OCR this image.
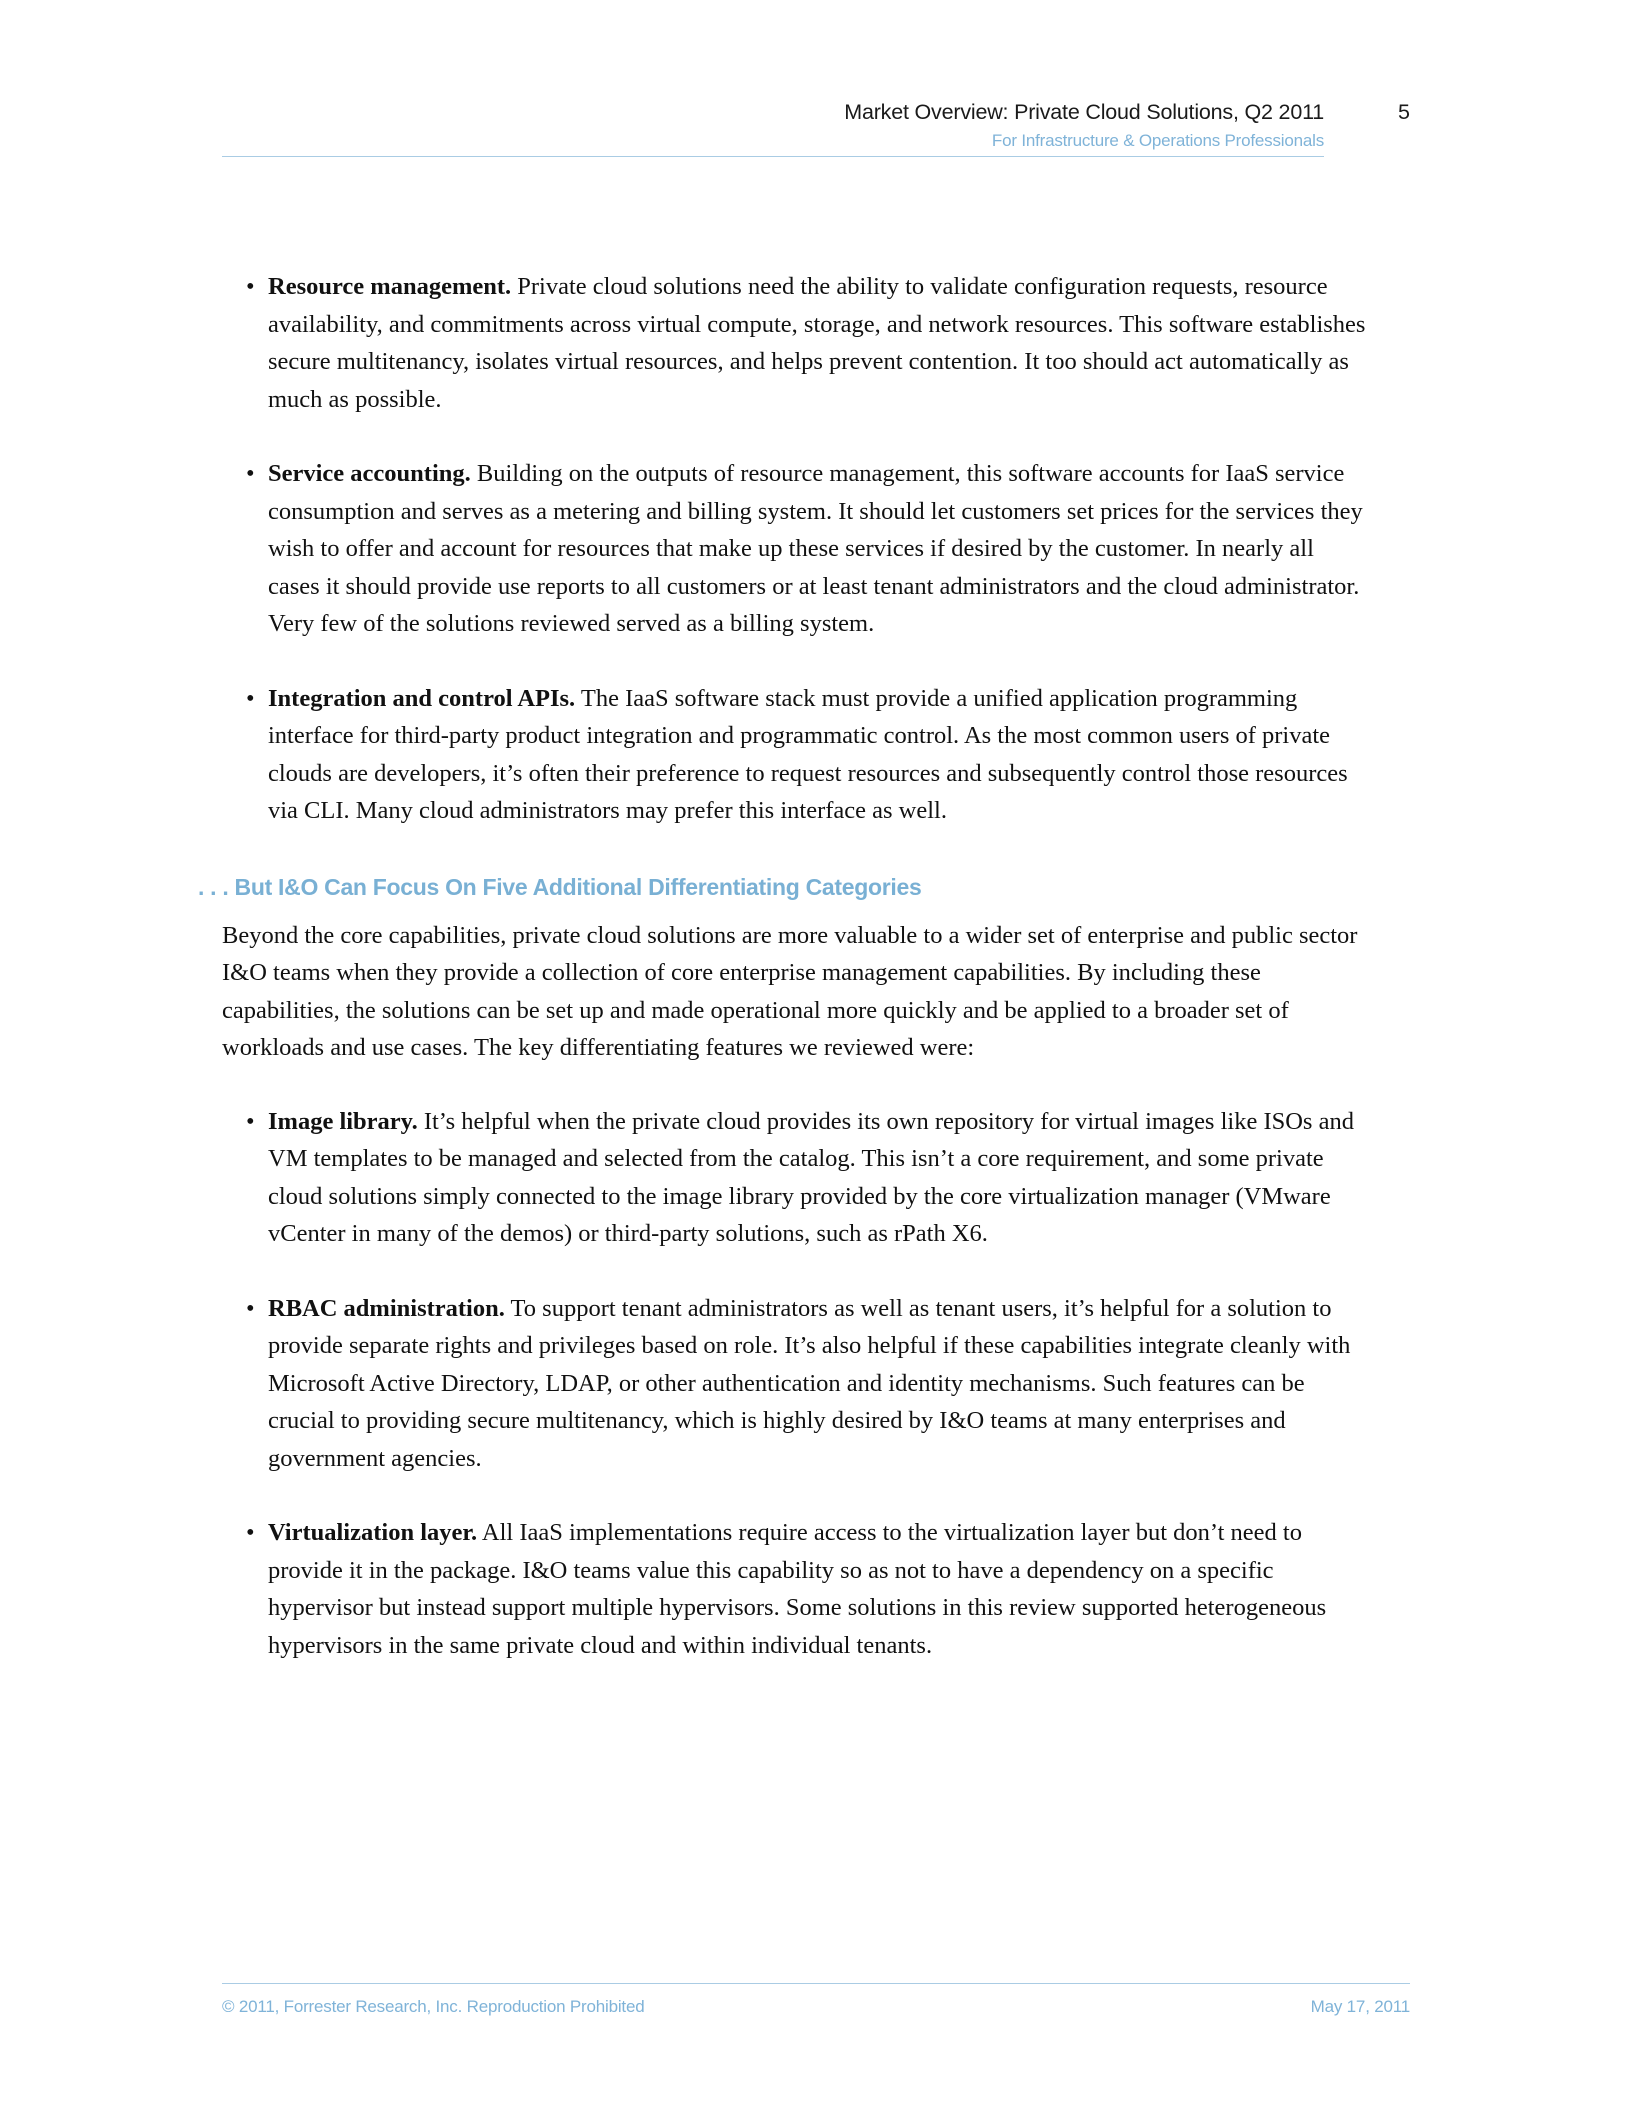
Market Overview: Private Cloud Solutions, Q2 2011	5
For Infrastructure & Operations Professionals
• Resource management. Private cloud solutions need the ability to validate configuration requests, resource availability, and commitments across virtual compute, storage, and network resources. This software establishes secure multitenancy, isolates virtual resources, and helps prevent contention. It too should act automatically as much as possible.
• Service accounting. Building on the outputs of resource management, this software accounts for IaaS service consumption and serves as a metering and billing system. It should let customers set prices for the services they wish to offer and account for resources that make up these services if desired by the customer. In nearly all cases it should provide use reports to all customers or at least tenant administrators and the cloud administrator. Very few of the solutions reviewed served as a billing system.
• Integration and control APIs. The IaaS software stack must provide a unified application programming interface for third-party product integration and programmatic control. As the most common users of private clouds are developers, it’s often their preference to request resources and subsequently control those resources via CLI. Many cloud administrators may prefer this interface as well.
. . . But I&O Can Focus On Five Additional Differentiating Categories

Beyond the core capabilities, private cloud solutions are more valuable to a wider set of enterprise and public sector I&O teams when they provide a collection of core enterprise management capabilities. By including these capabilities, the solutions can be set up and made operational more quickly and be applied to a broader set of workloads and use cases. The key differentiating features we reviewed were:

• Image library. It’s helpful when the private cloud provides its own repository for virtual images like ISOs and VM templates to be managed and selected from the catalog. This isn’t a core requirement, and some private cloud solutions simply connected to the image library provided by the core virtualization manager (VMware vCenter in many of the demos) or third-party solutions, such as rPath X6.
• RBAC administration. To support tenant administrators as well as tenant users, it’s helpful for a solution to provide separate rights and privileges based on role. It’s also helpful if these capabilities integrate cleanly with Microsoft Active Directory, LDAP, or other authentication and identity mechanisms. Such features can be crucial to providing secure multitenancy, which is highly desired by I&O teams at many enterprises and government agencies.
• Virtualization layer. All IaaS implementations require access to the virtualization layer but don’t need to provide it in the package. I&O teams value this capability so as not to have a dependency on a specific hypervisor but instead support multiple hypervisors. Some solutions in this review supported heterogeneous hypervisors in the same private cloud and within individual tenants.
© 2011, Forrester Research, Inc. Reproduction Prohibited	May 17, 2011
